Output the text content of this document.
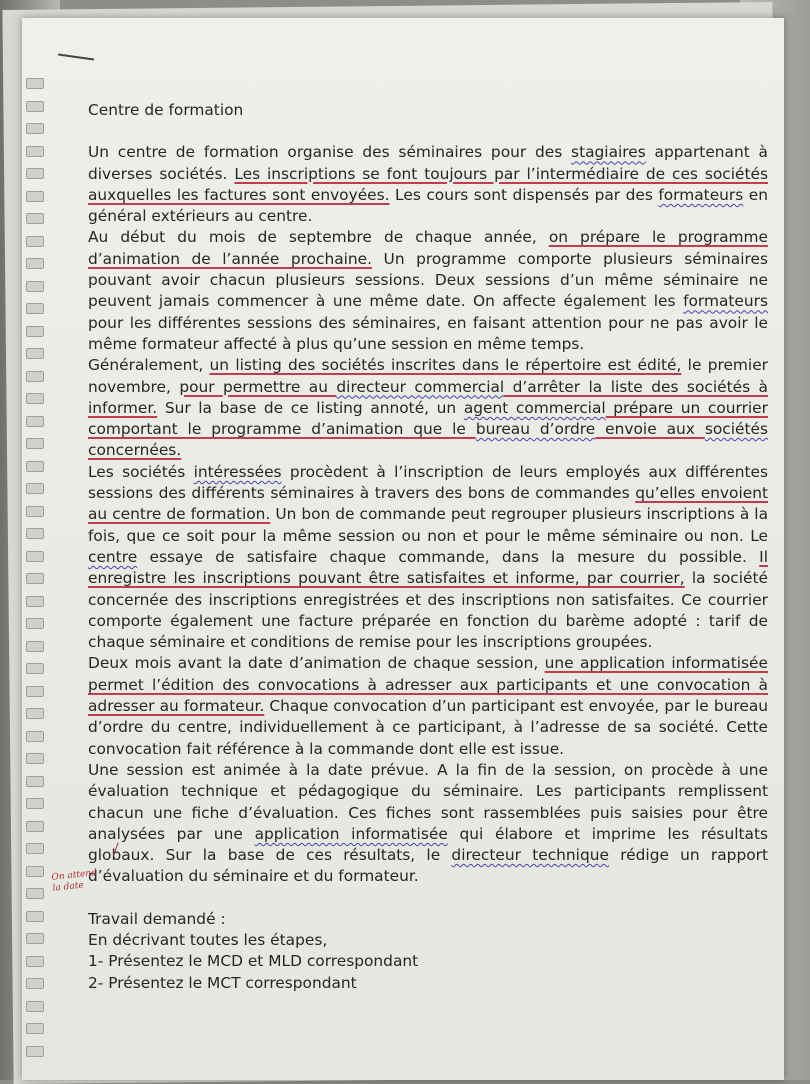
Centre de formation

Un centre de formation organise des séminaires pour des stagiaires appartenant à diverses sociétés. Les inscriptions se font toujours par l’intermédiaire de ces sociétés auxquelles les factures sont envoyées. Les cours sont dispensés par des formateurs en général extérieurs au centre.

Au début du mois de septembre de chaque année, on prépare le programme d’animation de l’année prochaine. Un programme comporte plusieurs séminaires pouvant avoir chacun plusieurs sessions. Deux sessions d’un même séminaire ne peuvent jamais commencer à une même date. On affecte également les formateurs pour les différentes sessions des séminaires, en faisant attention pour ne pas avoir le même formateur affecté à plus qu’une session en même temps.

Généralement, un listing des sociétés inscrites dans le répertoire est édité, le premier novembre, pour permettre au directeur commercial d’arrêter la liste des sociétés à informer. Sur la base de ce listing annoté, un agent commercial prépare un courrier comportant le programme d’animation que le bureau d’ordre envoie aux sociétés concernées.

Les sociétés intéressées procèdent à l’inscription de leurs employés aux différentes sessions des différents séminaires à travers des bons de commandes qu’elles envoient au centre de formation. Un bon de commande peut regrouper plusieurs inscriptions à la fois, que ce soit pour la même session ou non et pour le même séminaire ou non. Le centre essaye de satisfaire chaque commande, dans la mesure du possible. Il enregistre les inscriptions pouvant être satisfaites et informe, par courrier, la société concernée des inscriptions enregistrées et des inscriptions non satisfaites. Ce courrier comporte également une facture préparée en fonction du barème adopté : tarif de chaque séminaire et conditions de remise pour les inscriptions groupées.

Deux mois avant la date d’animation de chaque session, une application informatisée permet l’édition des convocations à adresser aux participants et une convocation à adresser au formateur. Chaque convocation d’un participant est envoyée, par le bureau d’ordre du centre, individuellement à ce participant, à l’adresse de sa société. Cette convocation fait référence à la commande dont elle est issue.

Une session est animée à la date prévue. A la fin de la session, on procède à une évaluation technique et pédagogique du séminaire. Les participants remplissent chacun une fiche d’évaluation. Ces fiches sont rassemblées puis saisies pour être analysées par une application informatisée qui élabore et imprime les résultats globaux. Sur la base de ces résultats, le directeur technique rédige un rapport d’évaluation du séminaire et du formateur.

Travail demandé :

En décrivant toutes les étapes,

1- Présentez le MCD et MLD correspondant

2- Présentez le MCT correspondant

On attend la date
